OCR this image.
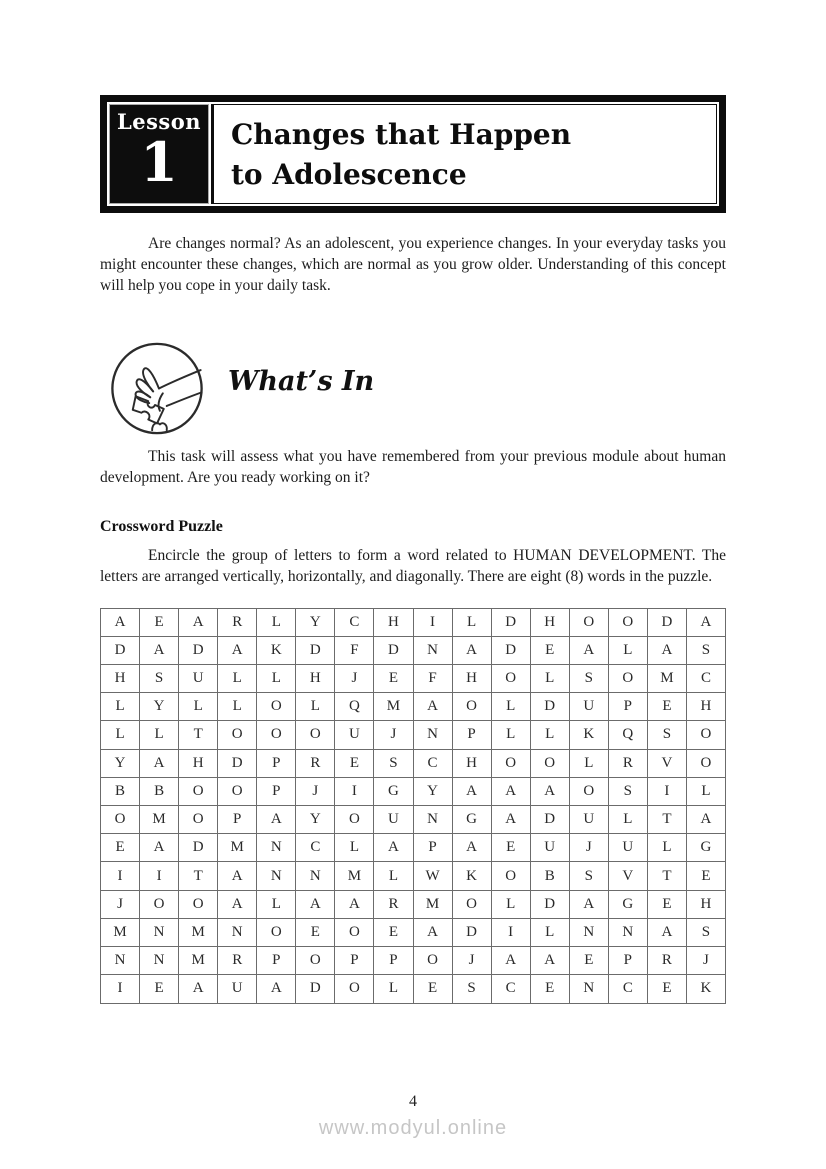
Lesson
1 Changes that Happen
to Adolescence

Are changes normal? As an adolescent, you experience changes. In your everyday tasks you might encounter these changes, which are normal as you grow older. Understanding of this concept will help you cope in your daily task.

What’s In

This task will assess what you have remembered from your previous module about human development. Are you ready working on it?

Crossword Puzzle

Encircle the group of letters to form a word related to HUMAN DEVELOPMENT. The letters are arranged vertically, horizontally, and diagonally. There are eight (8) words in the puzzle.

A	E	A	R	L	Y	C	H	I	L	D	H	O	O	D	A
D	A	D	A	K	D	F	D	N	A	D	E	A	L	A	S
H	S	U	L	L	H	J	E	F	H	O	L	S	O	M	C
L	Y	L	L	O	L	Q	M	A	O	L	D	U	P	E	H
L	L	T	O	O	O	U	J	N	P	L	L	K	Q	S	O
Y	A	H	D	P	R	E	S	C	H	O	O	L	R	V	O
B	B	O	O	P	J	I	G	Y	A	A	A	O	S	I	L
O	M	O	P	A	Y	O	U	N	G	A	D	U	L	T	A
E	A	D	M	N	C	L	A	P	A	E	U	J	U	L	G
I	I	T	A	N	N	M	L	W	K	O	B	S	V	T	E
J	O	O	A	L	A	A	R	M	O	L	D	A	G	E	H
M	N	M	N	O	E	O	E	A	D	I	L	N	N	A	S
N	N	M	R	P	O	P	P	O	J	A	A	E	P	R	J
I	E	A	U	A	D	O	L	E	S	C	E	N	C	E	K
4
www.modyul.online
